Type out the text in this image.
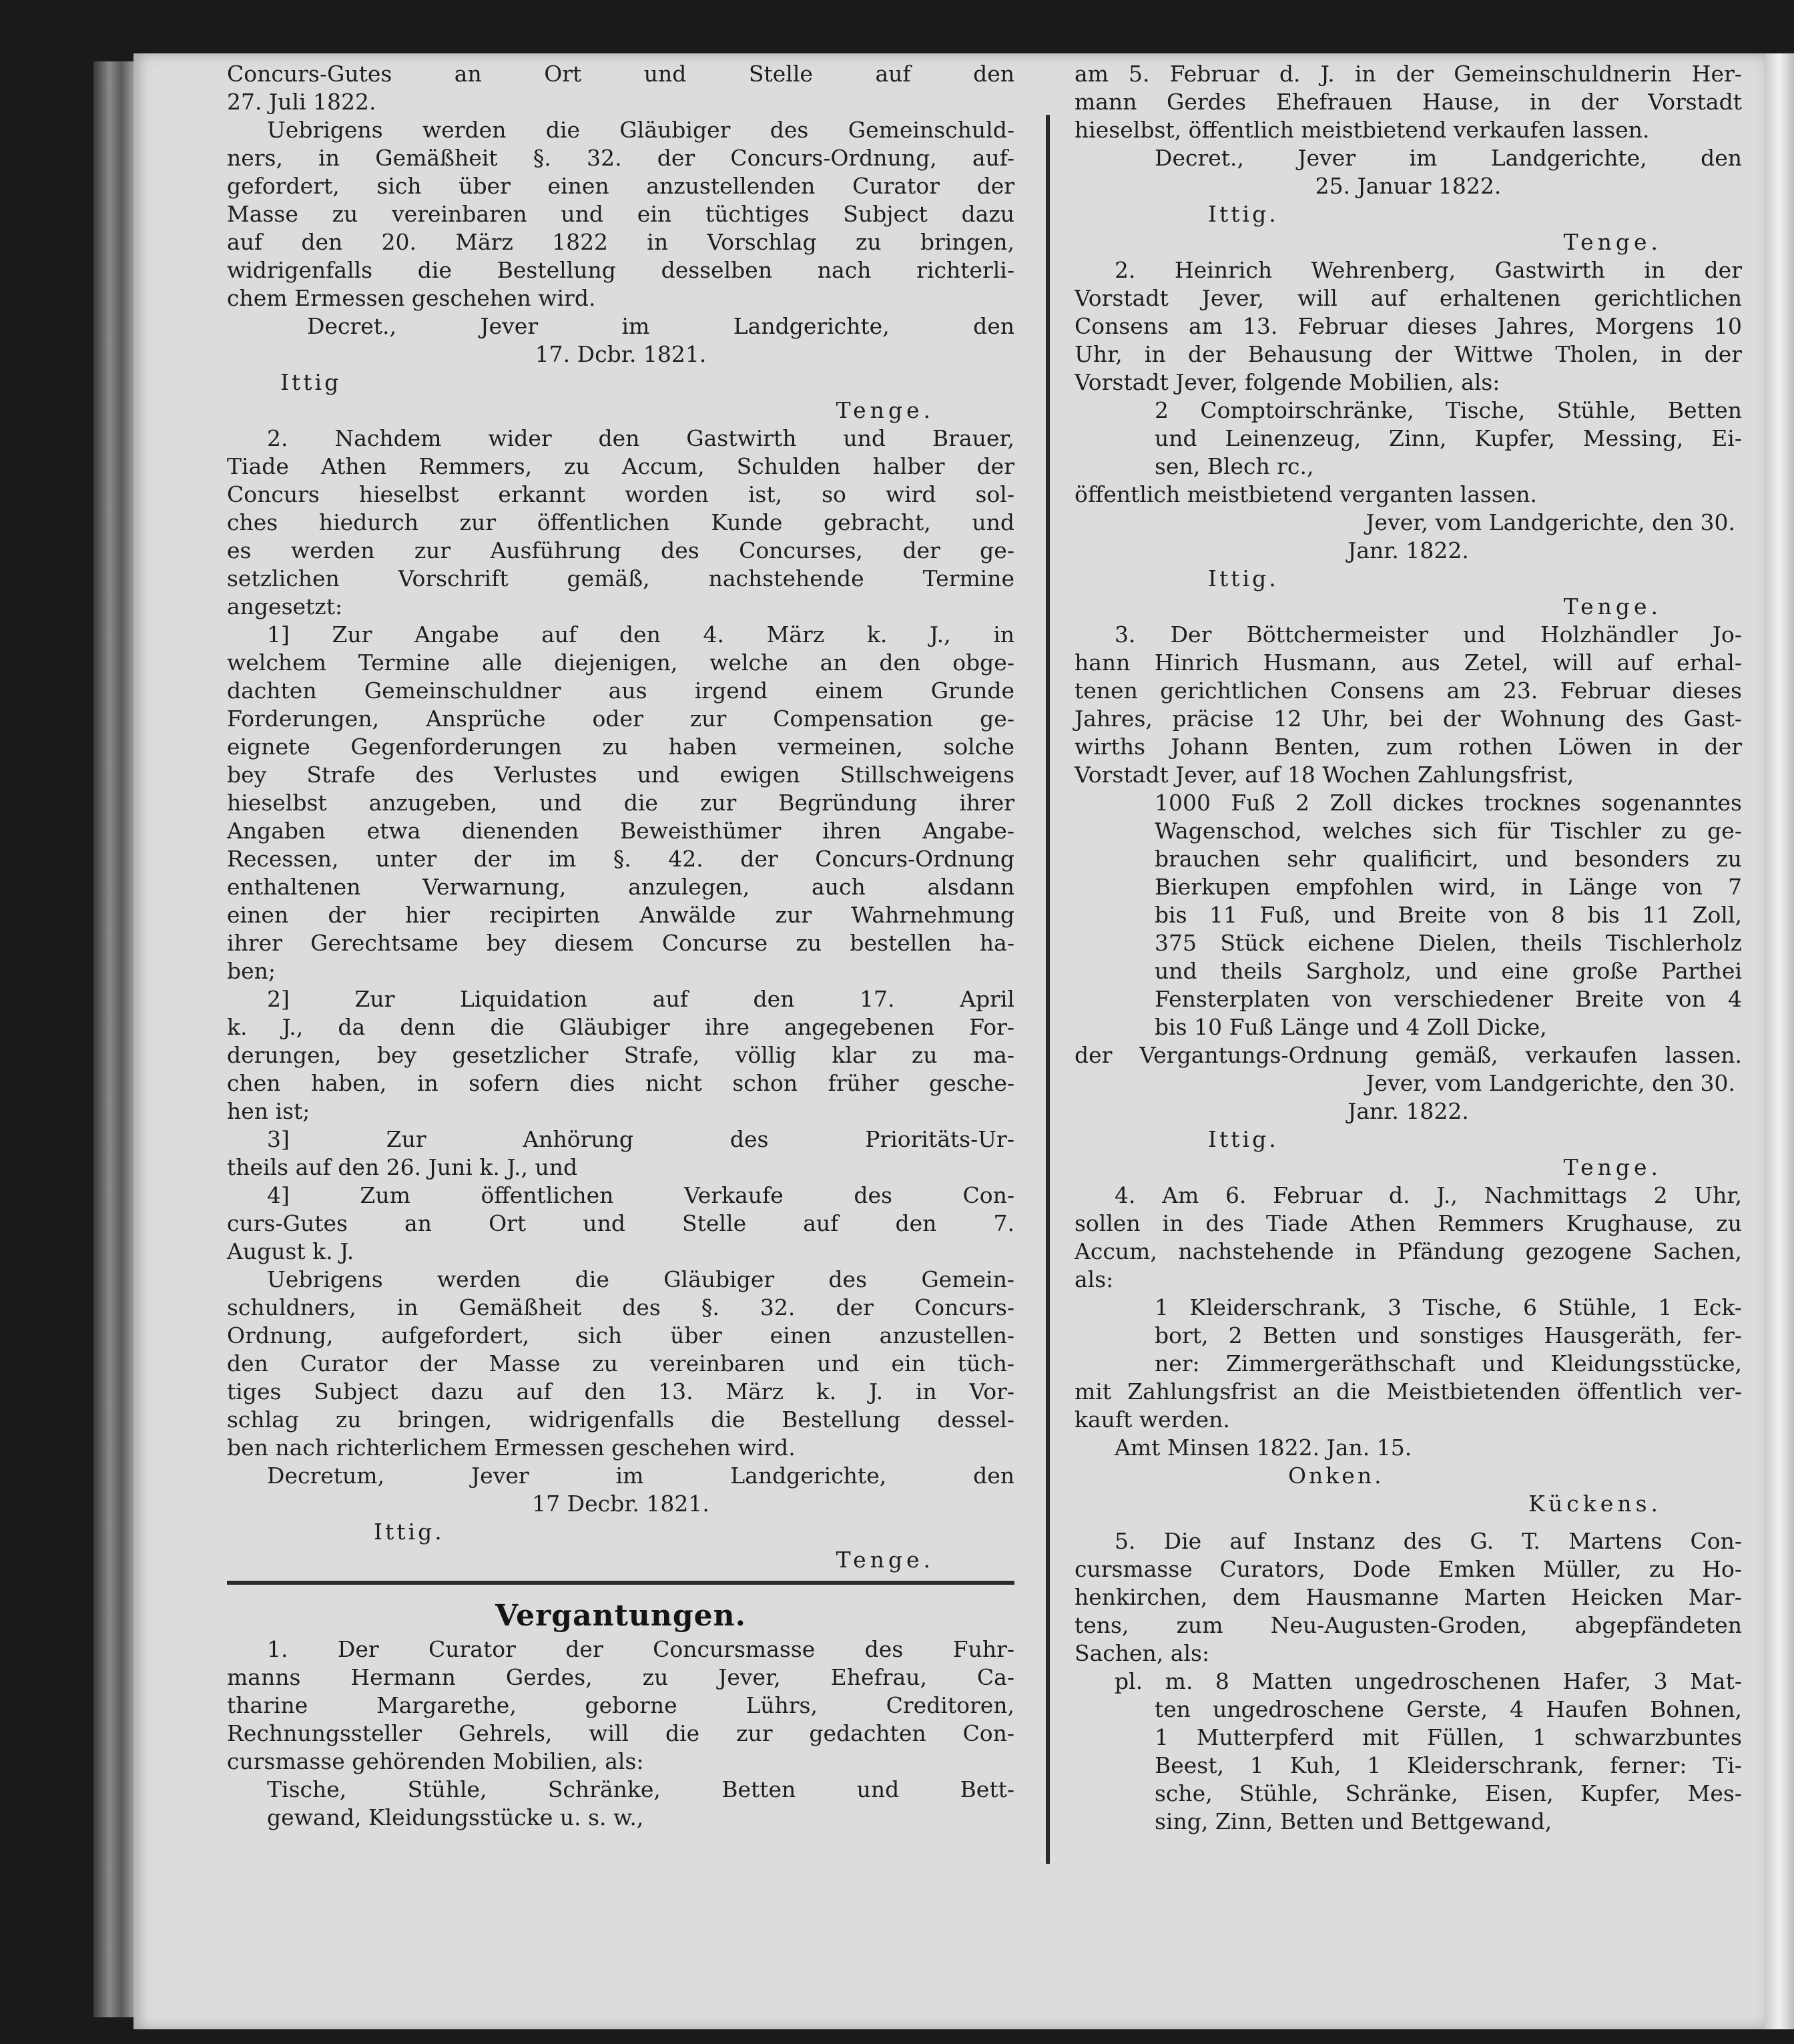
Concurs-Gutes an Ort und Stelle auf den
27. Juli 1822.
Uebrigens werden die Gläubiger des Gemeinschuld-
ners, in Gemäßheit §. 32. der Concurs-Ordnung, auf-
gefordert, sich über einen anzustellenden Curator der
Masse zu vereinbaren und ein tüchtiges Subject dazu
auf den 20. März 1822 in Vorschlag zu bringen,
widrigenfalls die Bestellung desselben nach richterli-
chem Ermessen geschehen wird.
Decret., Jever im Landgerichte, den
17. Dcbr. 1821.
Ittig
Tenge.
2. Nachdem wider den Gastwirth und Brauer,
Tiade Athen Remmers, zu Accum, Schulden halber der
Concurs hieselbst erkannt worden ist, so wird sol-
ches hiedurch zur öffentlichen Kunde gebracht, und
es werden zur Ausführung des Concurses, der ge-
setzlichen Vorschrift gemäß, nachstehende Termine
angesetzt:
1] Zur Angabe auf den 4. März k. J., in
welchem Termine alle diejenigen, welche an den obge-
dachten Gemeinschuldner aus irgend einem Grunde
Forderungen, Ansprüche oder zur Compensation ge-
eignete Gegenforderungen zu haben vermeinen, solche
bey Strafe des Verlustes und ewigen Stillschweigens
hieselbst anzugeben, und die zur Begründung ihrer
Angaben etwa dienenden Beweisthümer ihren Angabe-
Recessen, unter der im §. 42. der Concurs-Ordnung
enthaltenen Verwarnung, anzulegen, auch alsdann
einen der hier recipirten Anwälde zur Wahrnehmung
ihrer Gerechtsame bey diesem Concurse zu bestellen ha-
ben;
2] Zur Liquidation auf den 17. April
k. J., da denn die Gläubiger ihre angegebenen For-
derungen, bey gesetzlicher Strafe, völlig klar zu ma-
chen haben, in sofern dies nicht schon früher gesche-
hen ist;
3] Zur Anhörung des Prioritäts-Ur-
theils auf den 26. Juni k. J., und
4] Zum öffentlichen Verkaufe des Con-
curs-Gutes an Ort und Stelle auf den 7.
August k. J.
Uebrigens werden die Gläubiger des Gemein-
schuldners, in Gemäßheit des §. 32. der Concurs-
Ordnung, aufgefordert, sich über einen anzustellen-
den Curator der Masse zu vereinbaren und ein tüch-
tiges Subject dazu auf den 13. März k. J. in Vor-
schlag zu bringen, widrigenfalls die Bestellung dessel-
ben nach richterlichem Ermessen geschehen wird.
Decretum, Jever im Landgerichte, den
17 Decbr. 1821.
Ittig.
Tenge.
Vergantungen.
1. Der Curator der Concursmasse des Fuhr-
manns Hermann Gerdes, zu Jever, Ehefrau, Ca-
tharine Margarethe, geborne Lührs, Creditoren,
Rechnungssteller Gehrels, will die zur gedachten Con-
cursmasse gehörenden Mobilien, als:
Tische, Stühle, Schränke, Betten und Bett-
gewand, Kleidungsstücke u. s. w.,
am 5. Februar d. J. in der Gemeinschuldnerin Her-
mann Gerdes Ehefrauen Hause, in der Vorstadt
hieselbst, öffentlich meistbietend verkaufen lassen.
Decret., Jever im Landgerichte, den
25. Januar 1822.
Ittig.
Tenge.
2. Heinrich Wehrenberg, Gastwirth in der
Vorstadt Jever, will auf erhaltenen gerichtlichen
Consens am 13. Februar dieses Jahres, Morgens 10
Uhr, in der Behausung der Wittwe Tholen, in der
Vorstadt Jever, folgende Mobilien, als:
2 Comptoirschränke, Tische, Stühle, Betten
und Leinenzeug, Zinn, Kupfer, Messing, Ei-
sen, Blech rc.,
öffentlich meistbietend verganten lassen.
Jever, vom Landgerichte, den 30.
Janr. 1822.
Ittig.
Tenge.
3. Der Böttchermeister und Holzhändler Jo-
hann Hinrich Husmann, aus Zetel, will auf erhal-
tenen gerichtlichen Consens am 23. Februar dieses
Jahres, präcise 12 Uhr, bei der Wohnung des Gast-
wirths Johann Benten, zum rothen Löwen in der
Vorstadt Jever, auf 18 Wochen Zahlungsfrist,
1000 Fuß 2 Zoll dickes trocknes sogenanntes
Wagenschod, welches sich für Tischler zu ge-
brauchen sehr qualificirt, und besonders zu
Bierkupen empfohlen wird, in Länge von 7
bis 11 Fuß, und Breite von 8 bis 11 Zoll,
375 Stück eichene Dielen, theils Tischlerholz
und theils Sargholz, und eine große Parthei
Fensterplaten von verschiedener Breite von 4
bis 10 Fuß Länge und 4 Zoll Dicke,
der Vergantungs-Ordnung gemäß, verkaufen lassen.
Jever, vom Landgerichte, den 30.
Janr. 1822.
Ittig.
Tenge.
4. Am 6. Februar d. J., Nachmittags 2 Uhr,
sollen in des Tiade Athen Remmers Krughause, zu
Accum, nachstehende in Pfändung gezogene Sachen,
als:
1 Kleiderschrank, 3 Tische, 6 Stühle, 1 Eck-
bort, 2 Betten und sonstiges Hausgeräth, fer-
ner: Zimmergeräthschaft und Kleidungsstücke,
mit Zahlungsfrist an die Meistbietenden öffentlich ver-
kauft werden.
Amt Minsen 1822. Jan. 15.
Onken.
Kückens.
5. Die auf Instanz des G. T. Martens Con-
cursmasse Curators, Dode Emken Müller, zu Ho-
henkirchen, dem Hausmanne Marten Heicken Mar-
tens, zum Neu-Augusten-Groden, abgepfändeten
Sachen, als:
pl. m. 8 Matten ungedroschenen Hafer, 3 Mat-
ten ungedroschene Gerste, 4 Haufen Bohnen,
1 Mutterpferd mit Füllen, 1 schwarzbuntes
Beest, 1 Kuh, 1 Kleiderschrank, ferner: Ti-
sche, Stühle, Schränke, Eisen, Kupfer, Mes-
sing, Zinn, Betten und Bettgewand,
